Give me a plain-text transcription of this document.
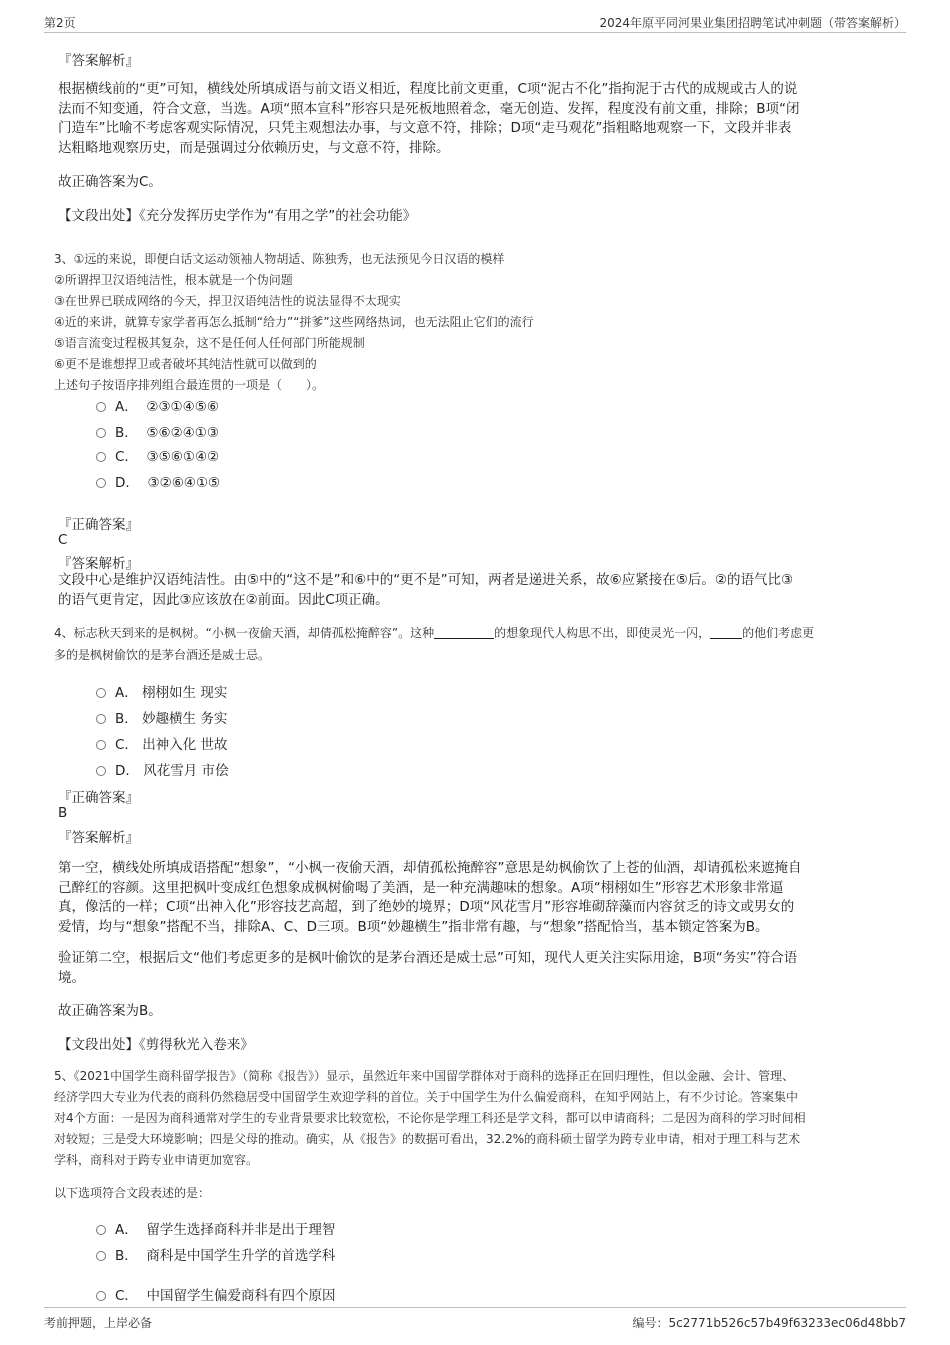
第2页	2024年原平同河果业集团招聘笔试冲刺题（带答案解析）
『答案解析』
根据横线前的“更”可知，横线处所填成语与前文语义相近，程度比前文更重，C项“泥古不化”指拘泥于古代的成规或古人的说
法而不知变通，符合文意，当选。A项“照本宣科”形容只是死板地照着念，毫无创造、发挥，程度没有前文重，排除；B项“闭
门造车”比喻不考虑客观实际情况，只凭主观想法办事，与文意不符，排除；D项“走马观花”指粗略地观察一下，文段并非表
达粗略地观察历史，而是强调过分依赖历史，与文意不符，排除。
故正确答案为C。
【文段出处】《充分发挥历史学作为“有用之学”的社会功能》
3、①远的来说，即便白话文运动领袖人物胡适、陈独秀，也无法预见今日汉语的模样
②所谓捍卫汉语纯洁性，根本就是一个伪问题
③在世界已联成网络的今天，捍卫汉语纯洁性的说法显得不太现实
④近的来讲，就算专家学者再怎么抵制“给力”“拼爹”这些网络热词，也无法阻止它们的流行
⑤语言流变过程极其复杂，这不是任何人任何部门所能规制
⑥更不是谁想捍卫或者破坏其纯洁性就可以做到的
上述句子按语序排列组合最连贯的一项是（　　）。
A． ②③①④⑤⑥
B． ⑤⑥②④①③
C． ③⑤⑥①④②
D． ③②⑥④①⑤
『正确答案』
C
『答案解析』
文段中心是维护汉语纯洁性。由⑤中的“这不是”和⑥中的“更不是”可知，两者是递进关系，故⑥应紧接在⑤后。②的语气比③
的语气更肯定，因此③应该放在②前面。因此C项正确。
4、标志秋天到来的是枫树。“小枫一夜偷天酒，却倩孤松掩醉容”。这种	的想象现代人构思不出，即使灵光一闪，	的他们考虑更
多的是枫树偷饮的是茅台酒还是威士忌。
A． 栩栩如生 现实
B． 妙趣横生 务实
C． 出神入化 世故
D． 风花雪月 市侩
『正确答案』
B
『答案解析』
第一空，横线处所填成语搭配“想象”，“小枫一夜偷天酒，却倩孤松掩醉容”意思是幼枫偷饮了上苍的仙酒，却请孤松来遮掩自
己醉红的容颜。这里把枫叶变成红色想象成枫树偷喝了美酒，是一种充满趣味的想象。A项“栩栩如生”形容艺术形象非常逼
真，像活的一样；C项“出神入化”形容技艺高超，到了绝妙的境界；D项“风花雪月”形容堆砌辞藻而内容贫乏的诗文或男女的
爱情，均与“想象”搭配不当，排除A、C、D三项。B项“妙趣横生”指非常有趣，与“想象”搭配恰当，基本锁定答案为B。
验证第二空，根据后文“他们考虑更多的是枫叶偷饮的是茅台酒还是威士忌”可知，现代人更关注实际用途，B项“务实”符合语
境。
故正确答案为B。
【文段出处】《剪得秋光入卷来》
5、《2021中国学生商科留学报告》（简称《报告》）显示，虽然近年来中国留学群体对于商科的选择正在回归理性，但以金融、会计、管理、
经济学四大专业为代表的商科仍然稳居受中国留学生欢迎学科的首位。关于中国学生为什么偏爱商科，在知乎网站上，有不少讨论。答案集中
对4个方面：一是因为商科通常对学生的专业背景要求比较宽松，不论你是学理工科还是学文科，都可以申请商科；二是因为商科的学习时间相
对较短；三是受大环境影响；四是父母的推动。确实，从《报告》的数据可看出，32.2%的商科硕士留学为跨专业申请，相对于理工科与艺术
学科，商科对于跨专业申请更加宽容。
以下选项符合文段表述的是：
A． 留学生选择商科并非是出于理智
B． 商科是中国学生升学的首选学科
C． 中国留学生偏爱商科有四个原因
考前押题，上岸必备	编号：5c2771b526c57b49f63233ec06d48bb7
